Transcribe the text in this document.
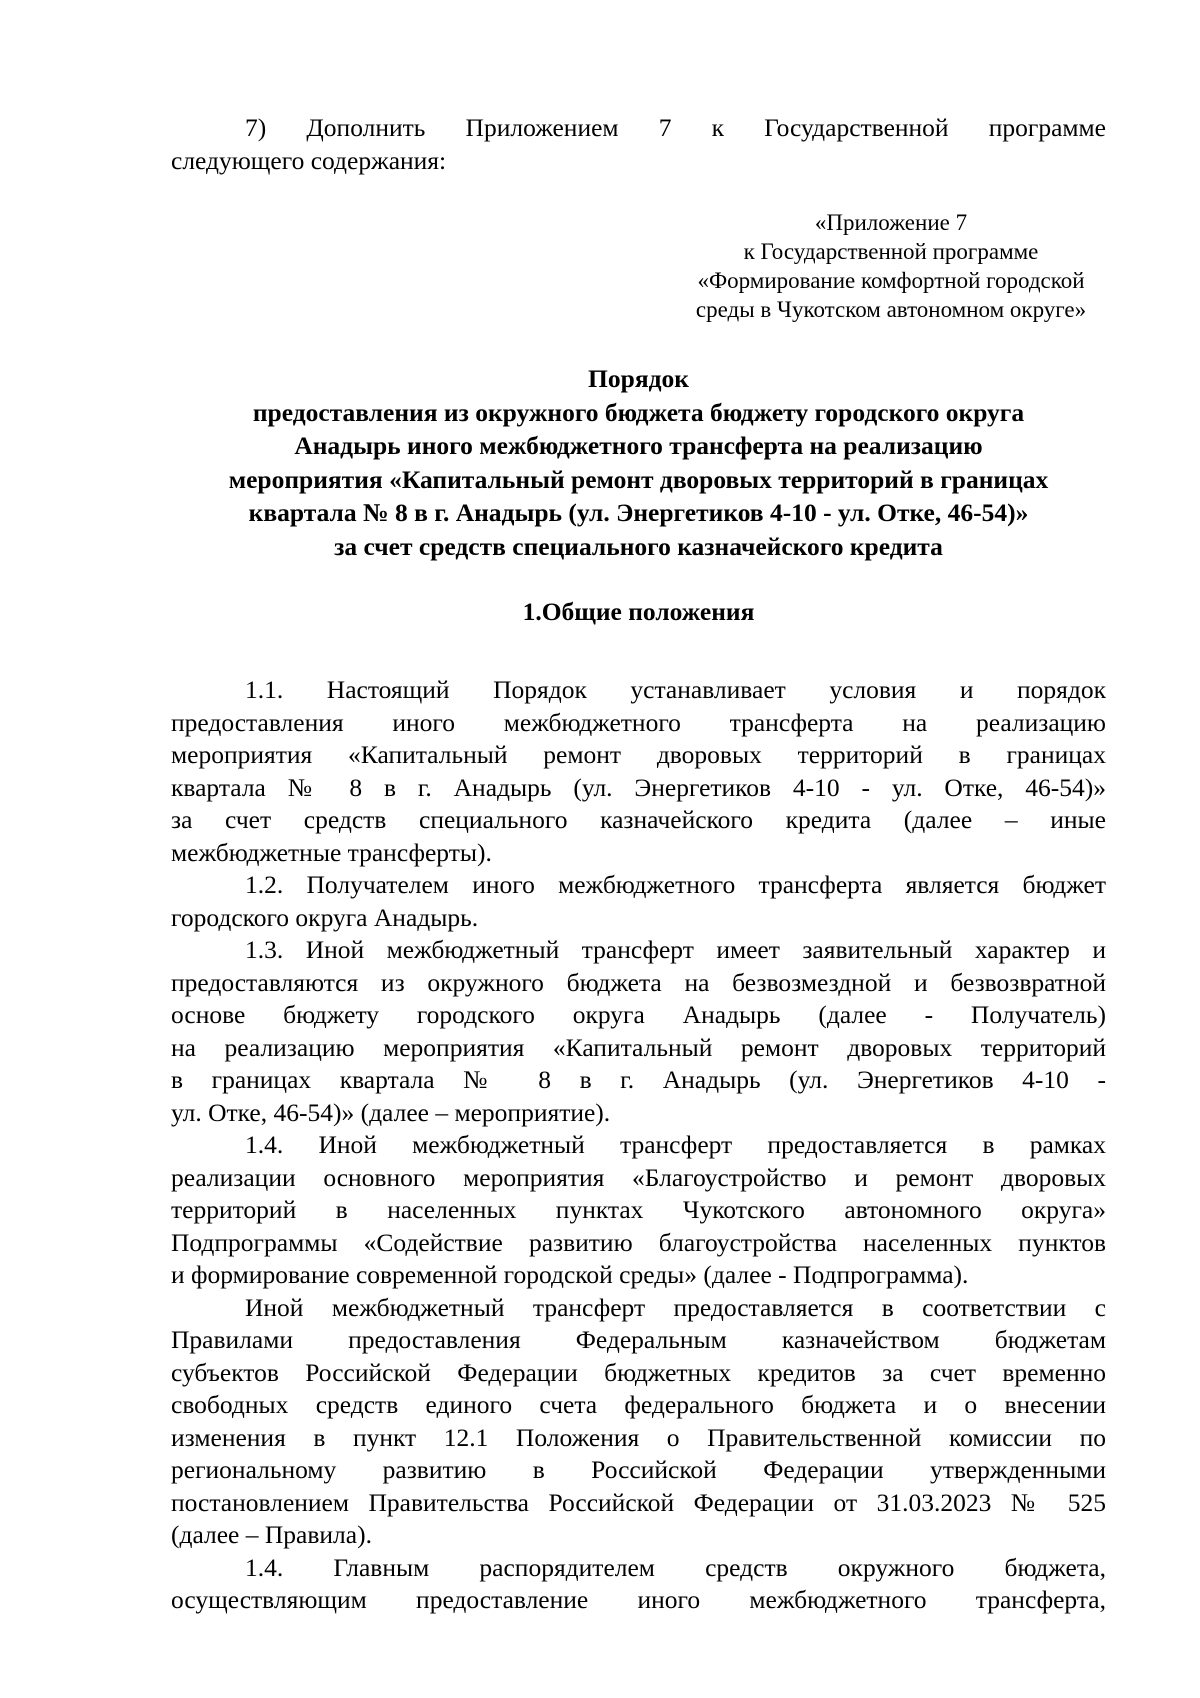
7) Дополнить Приложением 7 к Государственной программе
следующего содержания:
«Приложение 7
к Государственной программе
«Формирование комфортной городской
среды в Чукотском автономном округе»
Порядок
предоставления из окружного бюджета бюджету городского округа
Анадырь иного межбюджетного трансферта на реализацию
мероприятия «Капитальный ремонт дворовых территорий в границах
квартала № 8 в г. Анадырь (ул. Энергетиков 4-10 - ул. Отке, 46-54)»
за счет средств специального казначейского кредита
1.Общие положения
1.1. Настоящий Порядок устанавливает условия и порядок
предоставления иного межбюджетного трансферта на реализацию
мероприятия «Капитальный ремонт дворовых территорий в границах
квартала № 8 в г. Анадырь (ул. Энергетиков 4-10 - ул. Отке, 46-54)»
за счет средств специального казначейского кредита (далее – иные
межбюджетные трансферты).
1.2. Получателем иного межбюджетного трансферта является бюджет
городского округа Анадырь.
1.3. Иной межбюджетный трансферт имеет заявительный характер и
предоставляются из окружного бюджета на безвозмездной и безвозвратной
основе бюджету городского округа Анадырь (далее - Получатель)
на реализацию мероприятия «Капитальный ремонт дворовых территорий
в границах квартала № 8 в г. Анадырь (ул. Энергетиков 4-10 -
ул. Отке, 46-54)» (далее – мероприятие).
1.4. Иной межбюджетный трансферт предоставляется в рамках
реализации основного мероприятия «Благоустройство и ремонт дворовых
территорий в населенных пунктах Чукотского автономного округа»
Подпрограммы «Содействие развитию благоустройства населенных пунктов
и формирование современной городской среды» (далее - Подпрограмма).
Иной межбюджетный трансферт предоставляется в соответствии с
Правилами предоставления Федеральным казначейством бюджетам
субъектов Российской Федерации бюджетных кредитов за счет временно
свободных средств единого счета федерального бюджета и о внесении
изменения в пункт 12.1 Положения о Правительственной комиссии по
региональному развитию в Российской Федерации утвержденными
постановлением Правительства Российской Федерации от 31.03.2023 № 525
(далее – Правила).
1.4. Главным распорядителем средств окружного бюджета,
осуществляющим предоставление иного межбюджетного трансферта,
